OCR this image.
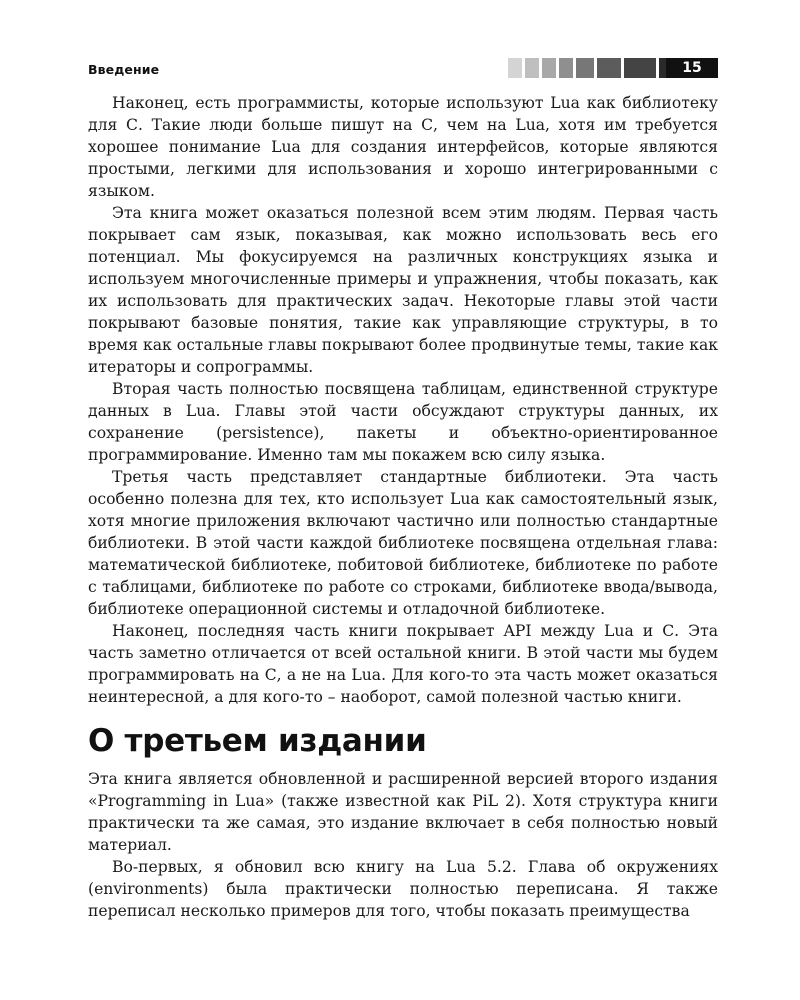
Введение	15

Наконец, есть программисты, которые используют Lua как библиотеку для С. Такие люди больше пишут на С, чем на Lua, хотя им требуется хорошее понимание Lua для создания интерфейсов, которые являются простыми, легкими для использования и хорошо интегрированными с языком.

Эта книга может оказаться полезной всем этим людям. Первая часть покрывает сам язык, показывая, как можно использовать весь его потенциал. Мы фокусируемся на различных конструкциях языка и используем многочисленные примеры и упражнения, чтобы показать, как их использовать для практических задач. Некоторые главы этой части покрывают базовые понятия, такие как управляющие структуры, в то время как остальные главы покрывают более продвинутые темы, такие как итераторы и сопрограммы.

Вторая часть полностью посвящена таблицам, единственной структуре данных в Lua. Главы этой части обсуждают структуры данных, их сохранение (persistence), пакеты и объектно-ориентированное программирование. Именно там мы покажем всю силу языка.

Третья часть представляет стандартные библиотеки. Эта часть особенно полезна для тех, кто использует Lua как самостоятельный язык, хотя многие приложения включают частично или полностью стандартные библиотеки. В этой части каждой библиотеке посвящена отдельная глава: математической библиотеке, побитовой библиотеке, библиотеке по работе с таблицами, библиотеке по работе со строками, библиотеке ввода/вывода, библиотеке операционной системы и отладочной библиотеке.

Наконец, последняя часть книги покрывает API между Lua и С. Эта часть заметно отличается от всей остальной книги. В этой части мы будем программировать на С, а не на Lua. Для кого-то эта часть может оказаться неинтересной, а для кого-то – наоборот, самой полезной частью книги.

О третьем издании

Эта книга является обновленной и расширенной версией второго издания «Programming in Lua» (также известной как PiL 2). Хотя структура книги практически та же самая, это издание включает в себя полностью новый материал.

Во-первых, я обновил всю книгу на Lua 5.2. Глава об окружениях (environments) была практически полностью переписана. Я также переписал несколько примеров для того, чтобы показать преимущества
